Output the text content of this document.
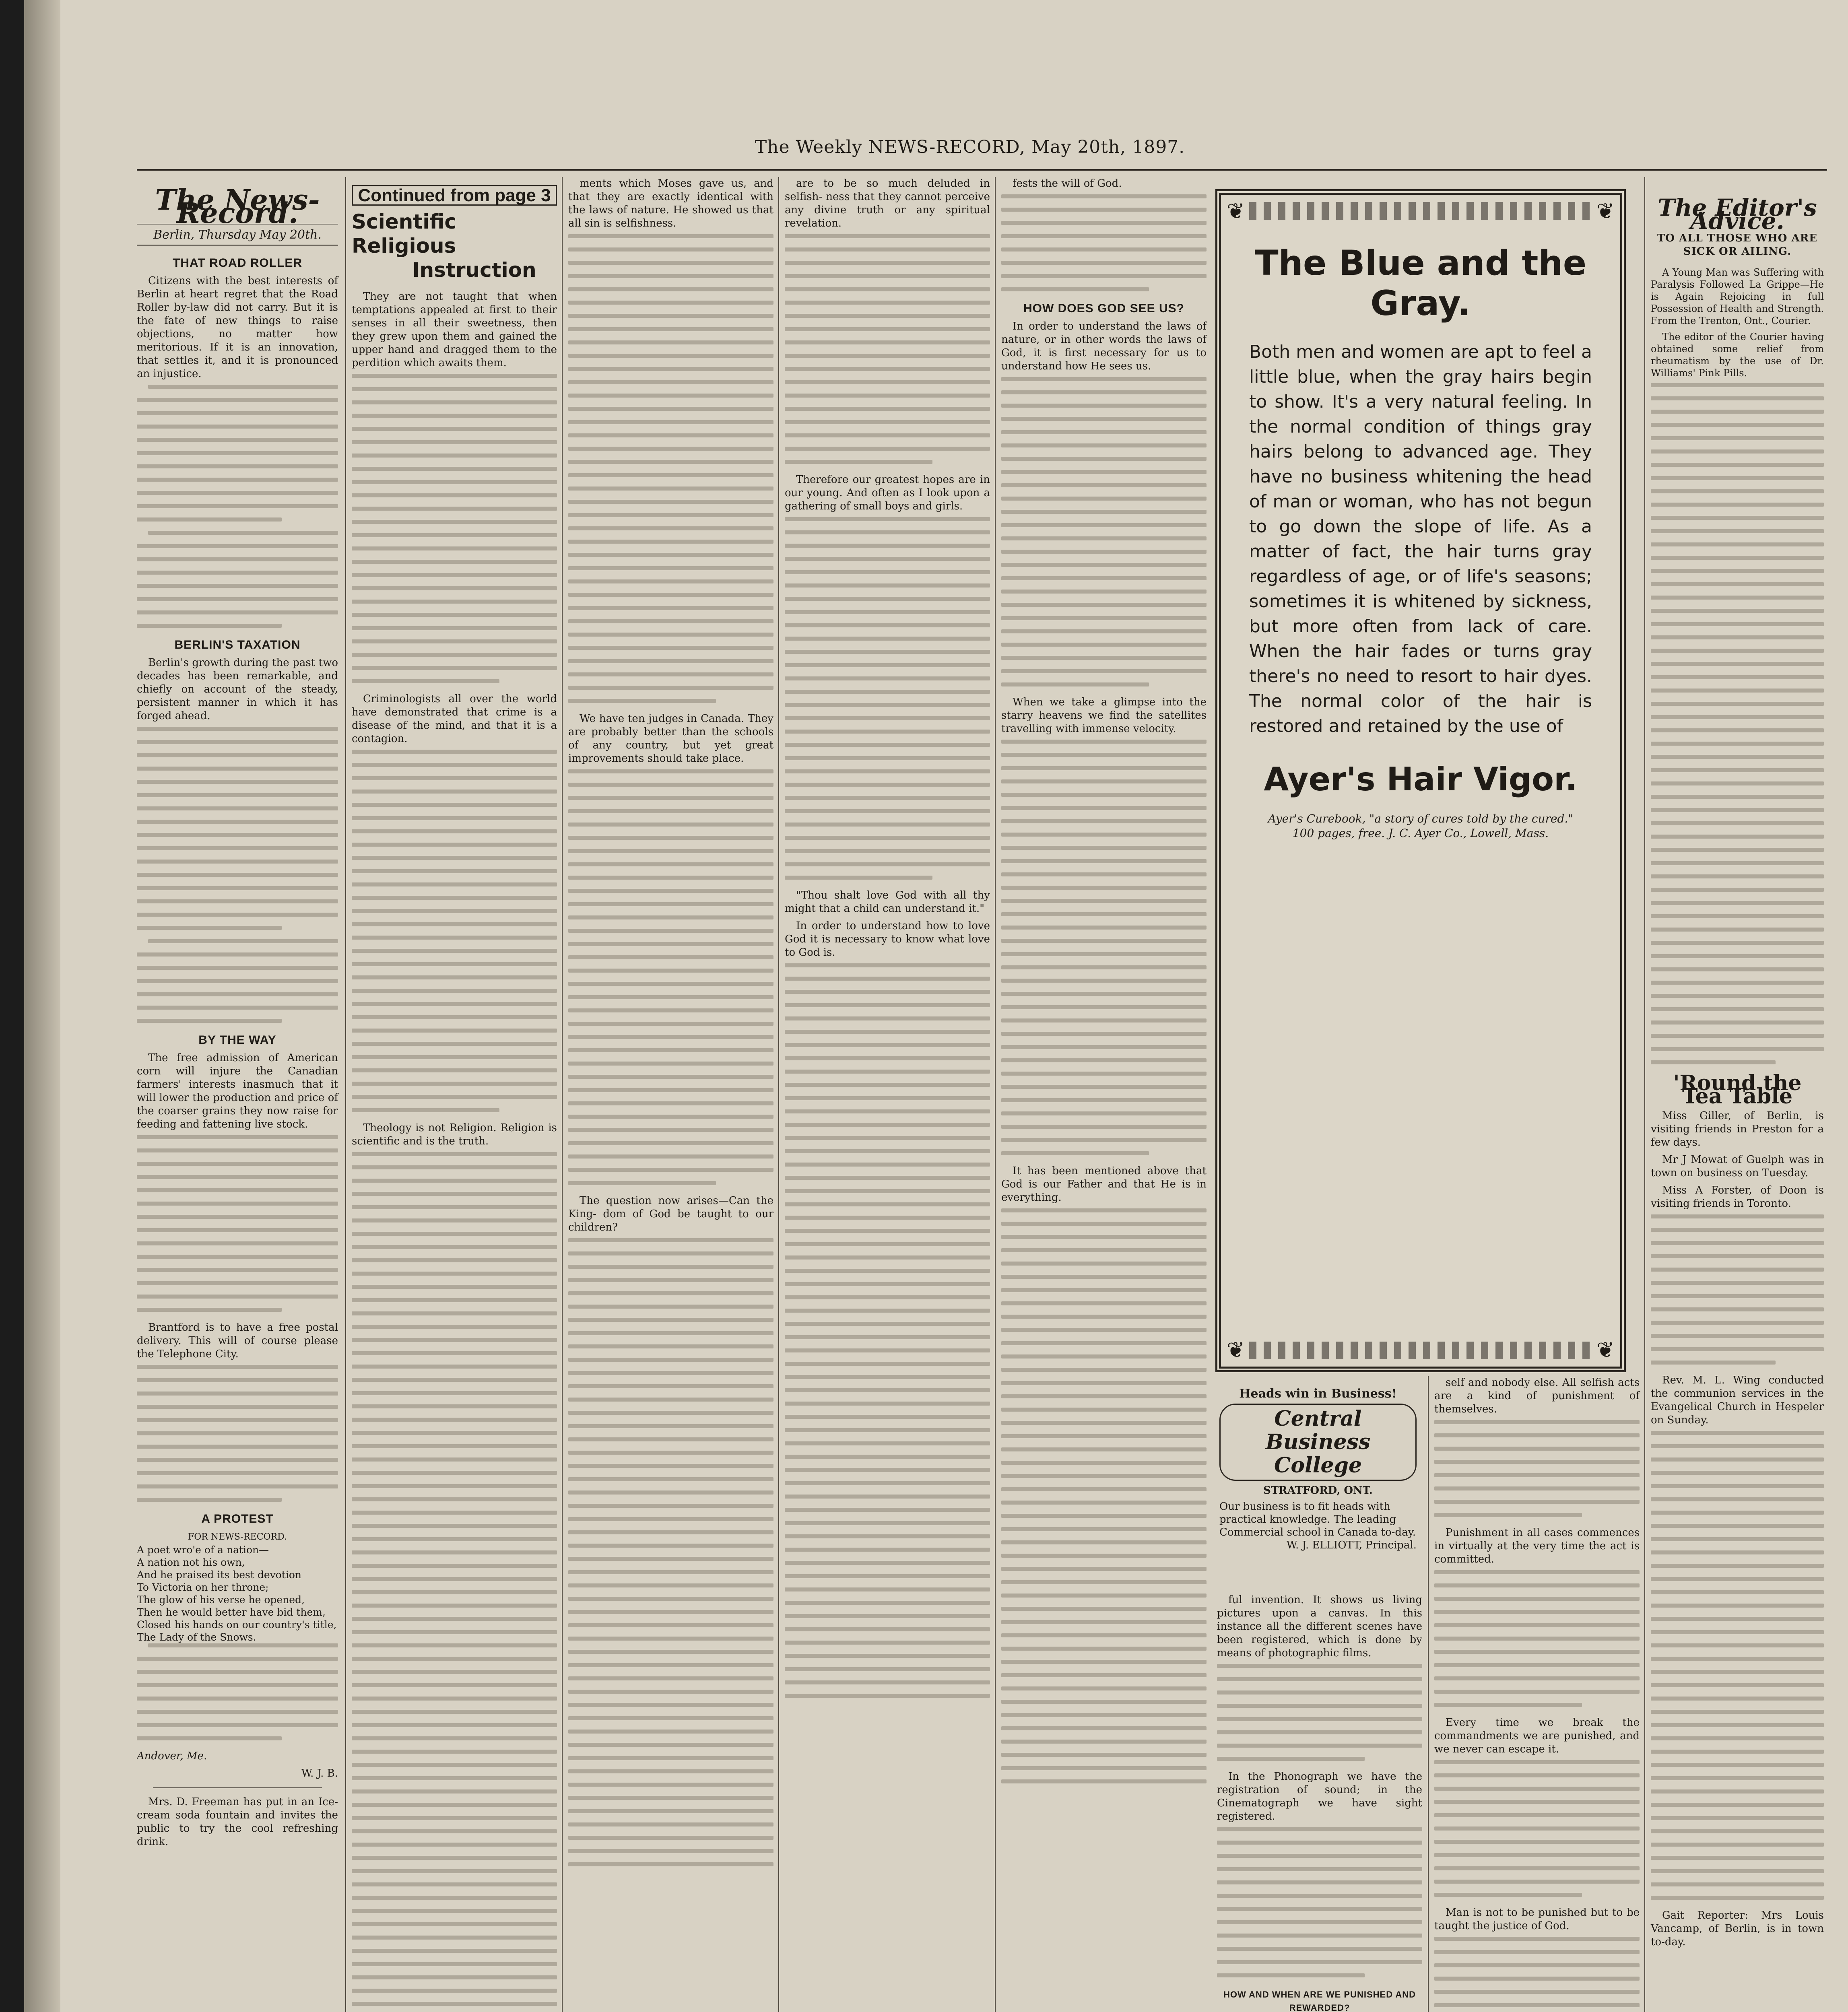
The Weekly NEWS-RECORD, May 20th, 1897.
The News-Record.
Berlin, Thursday May 20th.
THAT ROAD ROLLER

Citizens with the best interests of Berlin at heart regret that the Road Roller by-law did not carry. But it is the fate of new things to raise objections, no matter how meritorious. If it is an innovation, that settles it, and it is pronounced an injustice.

BERLIN'S TAXATION

Berlin's growth during the past two decades has been remarkable, and chiefly on account of the steady, persistent manner in which it has forged ahead.

BY THE WAY

The free admission of American corn will injure the Canadian farmers' interests inasmuch that it will lower the production and price of the coarser grains they now raise for feeding and fattening live stock.

Brantford is to have a free postal delivery. This will of course please the Telephone City.

A PROTEST
FOR NEWS-RECORD.
A poet wro'e of a nation—
A nation not his own,
And he praised its best devotion
To Victoria on her throne;
The glow of his verse he opened,
Then he would better have bid them,
Closed his hands on our country's title,
The Lady of the Snows.
Andover, Me.
W. J. B.

Mrs. D. Freeman has put in an Ice-cream soda fountain and invites the public to try the cool refreshing drink.

Continued from page 3
Scientific Religious
Instruction

They are not taught that when temptations appealed at first to their senses in all their sweetness, then they grew upon them and gained the upper hand and dragged them to the perdition which awaits them.

Criminologists all over the world have demonstrated that crime is a disease of the mind, and that it is a contagion.

Theology is not Religion. Religion is scientific and is the truth.

ments which Moses gave us, and that they are exactly identical with the laws of nature. He showed us that all sin is selfishness.

We have ten judges in Canada. They are probably better than the schools of any country, but yet great improvements should take place.

The question now arises—Can the King- dom of God be taught to our children?

are to be so much deluded in selfish- ness that they cannot perceive any divine truth or any spiritual revelation.

Therefore our greatest hopes are in our young. And often as I look upon a gathering of small boys and girls.

"Thou shalt love God with all thy might that a child can understand it."

In order to understand how to love God it is necessary to know what love to God is.

fests the will of God.

HOW DOES GOD SEE US?

In order to understand the laws of nature, or in other words the laws of God, it is first necessary for us to understand how He sees us.

When we take a glimpse into the starry heavens we find the satellites travelling with immense velocity.

It has been mentioned above that God is our Father and that He is in everything.

❦	❦
❦	❦
The Blue and the Gray.
Both men and women are apt to feel a little blue, when the gray hairs begin to show. It's a very natural feeling. In the normal condition of things gray hairs belong to advanced age. They have no business whitening the head of man or woman, who has not begun to go down the slope of life. As a matter of fact, the hair turns gray regardless of age, or of life's seasons; sometimes it is whitened by sickness, but more often from lack of care. When the hair fades or turns gray there's no need to resort to hair dyes. The normal color of the hair is restored and retained by the use of
Ayer's Hair Vigor.
Ayer's Curebook, "a story of cures told by the cured."
100 pages, free. J. C. Ayer Co., Lowell, Mass.
Heads win in Business!
Central
Business College
STRATFORD, ONT.
Our business is to fit heads with practical knowledge. The leading Commercial school in Canada to-day.
W. J. ELLIOTT, Principal.

ful invention. It shows us living pictures upon a canvas. In this instance all the different scenes have been registered, which is done by means of photographic films.

In the Phonograph we have the registration of sound; in the Cinematograph we have sight registered.

HOW AND WHEN ARE WE PUNISHED AND REWARDED?

self and nobody else. All selfish acts are a kind of punishment of themselves.

Punishment in all cases commences in virtually at the very time the act is committed.

Every time we break the commandments we are punished, and we never can escape it.

Man is not to be punished but to be taught the justice of God.

The Editor's Advice.
TO ALL THOSE WHO ARE SICK OR AILING.

A Young Man was Suffering with Paralysis Followed La Grippe—He is Again Rejoicing in full Possession of Health and Strength. From the Trenton, Ont., Courier.

The editor of the Courier having obtained some relief from rheumatism by the use of Dr. Williams' Pink Pills.

'Round the Tea Table

Miss Giller, of Berlin, is visiting friends in Preston for a few days.

Mr J Mowat of Guelph was in town on business on Tuesday.

Miss A Forster, of Doon is visiting friends in Toronto.

Rev. M. L. Wing conducted the communion services in the Evangelical Church in Hespeler on Sunday.

Gait Reporter: Mrs Louis Vancamp, of Berlin, is in town to-day.
